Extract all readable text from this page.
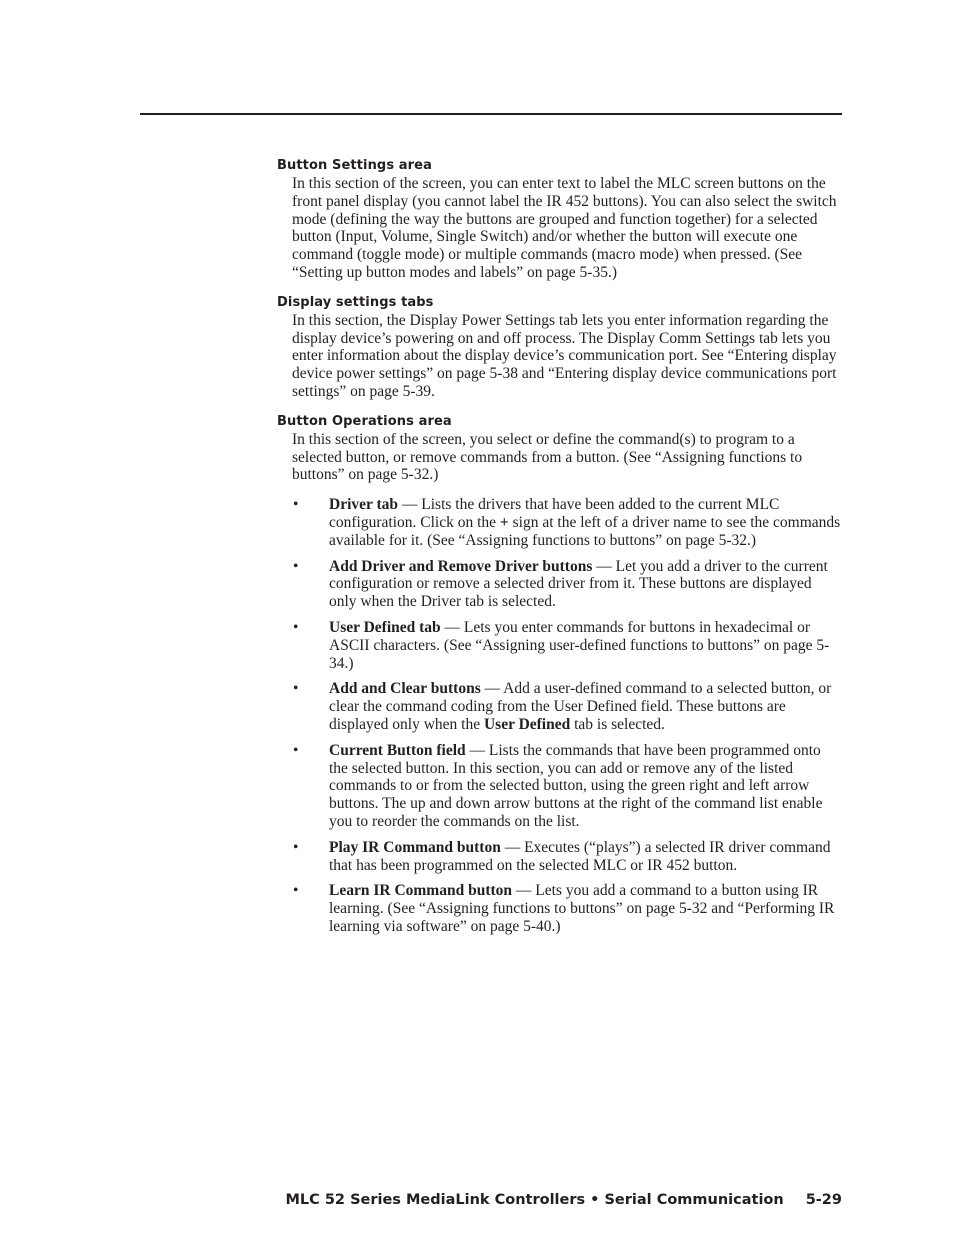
Button Settings area

In this section of the screen, you can enter text to label the MLC screen buttons on the front panel display (you cannot label the IR 452 buttons). You can also select the switch mode (defining the way the buttons are grouped and function together) for a selected button (Input, Volume, Single Switch) and/or whether the button will execute one command (toggle mode) or multiple commands (macro mode) when pressed. (See “Setting up button modes and labels” on page 5-35.)

Display settings tabs

In this section, the Display Power Settings tab lets you enter information regarding the display device’s powering on and off process. The Display Comm Settings tab lets you enter information about the display device’s communication port. See “Entering display device power settings” on page 5-38 and “Entering display device communications port settings” on page 5-39.

Button Operations area

In this section of the screen, you select or define the command(s) to program to a selected button, or remove commands from a button. (See “Assigning functions to buttons” on page 5-32.)

• Driver tab — Lists the drivers that have been added to the current MLC configuration. Click on the + sign at the left of a driver name to see the commands available for it. (See “Assigning functions to buttons” on page 5-32.)
• Add Driver and Remove Driver buttons — Let you add a driver to the current configuration or remove a selected driver from it. These buttons are displayed only when the Driver tab is selected.
• User Defined tab — Lets you enter commands for buttons in hexadecimal or ASCII characters. (See “Assigning user-defined functions to buttons” on page 5-34.)
• Add and Clear buttons — Add a user-defined command to a selected button, or clear the command coding from the User Defined field. These buttons are displayed only when the User Defined tab is selected.
• Current Button field — Lists the commands that have been programmed onto the selected button. In this section, you can add or remove any of the listed commands to or from the selected button, using the green right and left arrow buttons. The up and down arrow buttons at the right of the command list enable you to reorder the commands on the list.
• Play IR Command button — Executes (“plays”) a selected IR driver command that has been programmed on the selected MLC or IR 452 button.
• Learn IR Command button — Lets you add a command to a button using IR learning. (See “Assigning functions to buttons” on page 5-32 and “Performing IR learning via software” on page 5-40.)
MLC 52 Series MediaLink Controllers • Serial Communication 5-29
